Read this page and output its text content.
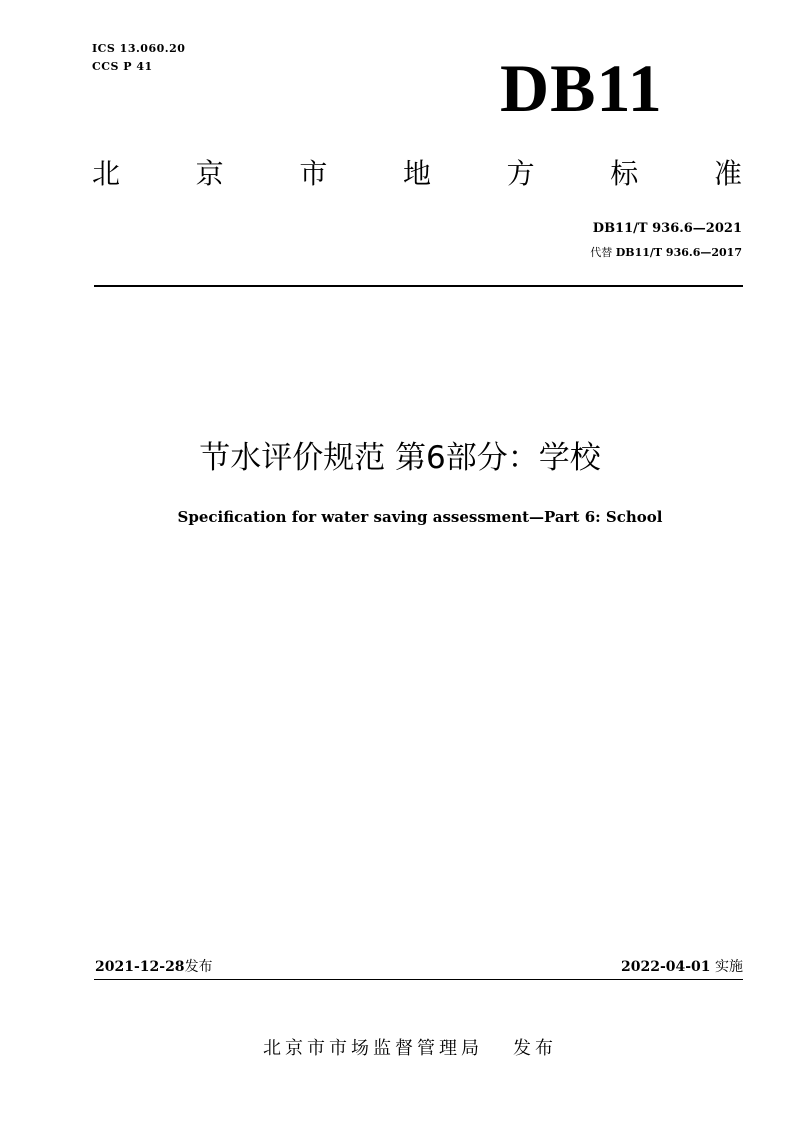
ICS 13.060.20
CCS P 41	DB11
北	京	市	地	方	标	准
DB11/T 936.6—2021
代替 DB11/T 936.6—2017
节水评价规范 第6部分：学校
Specification for water saving assessment—Part 6: School
2021-12-28发布	2022-04-01 实施
北京市市场监督管理局 发布
